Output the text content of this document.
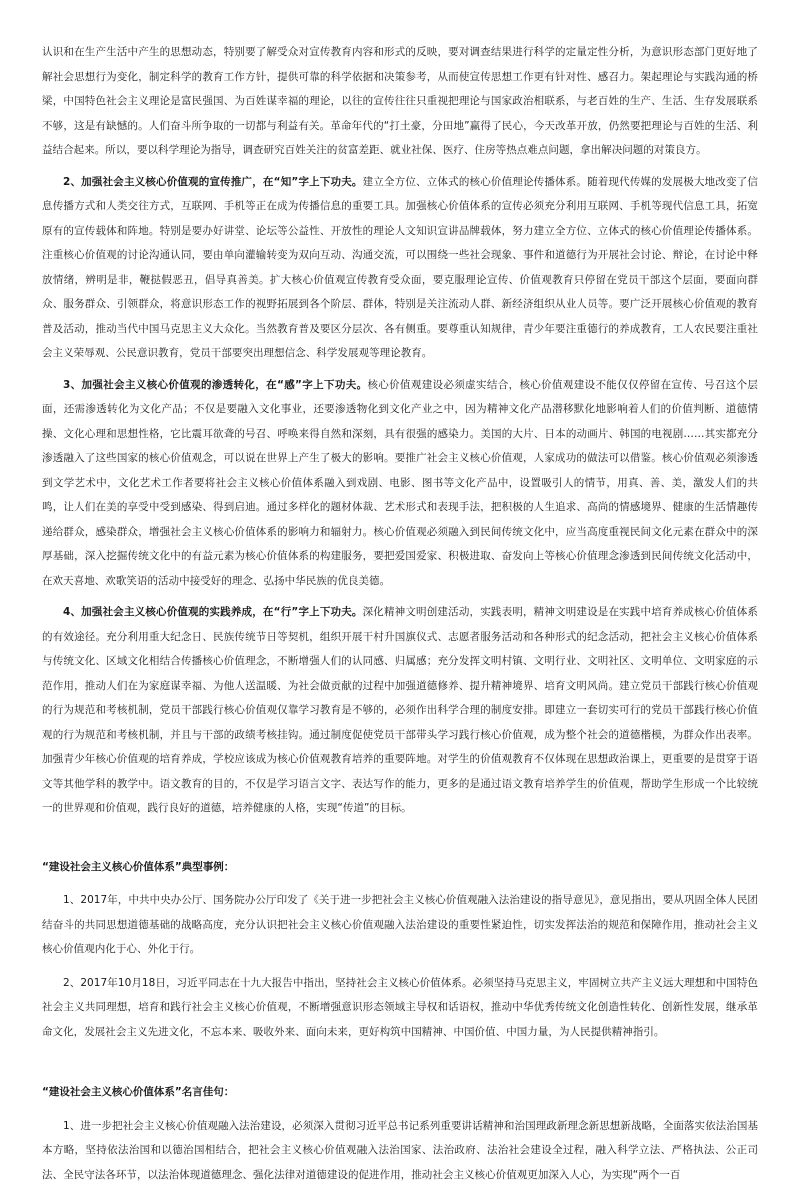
认识和在生产生活中产生的思想动态，特别要了解受众对宣传教育内容和形式的反映，要对调查结果进行科学的定量定性分析，为意识形态部门更好地了解社会思想行为变化，制定科学的教育工作方针，提供可靠的科学依据和决策参考，从而使宣传思想工作更有针对性、感召力。架起理论与实践沟通的桥梁，中国特色社会主义理论是富民强国、为百姓谋幸福的理论，以往的宣传往往只重视把理论与国家政治相联系，与老百姓的生产、生活、生存发展联系不够，这是有缺憾的。人们奋斗所争取的一切都与利益有关。革命年代的“打土豪，分田地”赢得了民心，今天改革开放，仍然要把理论与百姓的生活、利益结合起来。所以，要以科学理论为指导，调查研究百姓关注的贫富差距、就业社保、医疗、住房等热点难点问题，拿出解决问题的对策良方。

2、加强社会主义核心价值观的宣传推广，在“知”字上下功夫。建立全方位、立体式的核心价值理论传播体系。随着现代传媒的发展极大地改变了信息传播方式和人类交往方式，互联网、手机等正在成为传播信息的重要工具。加强核心价值体系的宣传必须充分利用互联网、手机等现代信息工具，拓宽原有的宣传载体和阵地。特别是要办好讲堂、论坛等公益性、开放性的理论人文知识宣讲品牌载体，努力建立全方位、立体式的核心价值理论传播体系。注重核心价值观的讨论沟通认同，要由单向灌输转变为双向互动、沟通交流，可以围绕一些社会现象、事件和道德行为开展社会讨论、辩论，在讨论中释放情绪，辨明是非，鞭挞假恶丑，倡导真善美。扩大核心价值观宣传教育受众面，要克服理论宣传、价值观教育只停留在党员干部这个层面，要面向群众、服务群众、引领群众，将意识形态工作的视野拓展到各个阶层、群体，特别是关注流动人群、新经济组织从业人员等。要广泛开展核心价值观的教育普及活动，推动当代中国马克思主义大众化。当然教育普及要区分层次、各有侧重。要尊重认知规律，青少年要注重德行的养成教育，工人农民要注重社会主义荣辱观、公民意识教育，党员干部要突出理想信念、科学发展观等理论教育。

3、加强社会主义核心价值观的渗透转化，在“感”字上下功夫。核心价值观建设必须虚实结合，核心价值观建设不能仅仅停留在宣传、号召这个层面，还需渗透转化为文化产品；不仅是要融入文化事业，还要渗透物化到文化产业之中，因为精神文化产品潜移默化地影响着人们的价值判断、道德情操、文化心理和思想性格，它比震耳欲聋的号召、呼唤来得自然和深刻，具有很强的感染力。美国的大片、日本的动画片、韩国的电视剧……其实都充分渗透融入了这些国家的核心价值观念，可以说在世界上产生了极大的影响。要推广社会主义核心价值观，人家成功的做法可以借鉴。核心价值观必须渗透到文学艺术中，文化艺术工作者要将社会主义核心价值体系融入到戏剧、电影、图书等文化产品中，设置吸引人的情节，用真、善、美，激发人们的共鸣，让人们在美的享受中受到感染、得到启迪。通过多样化的题材体裁、艺术形式和表现手法，把积极的人生追求、高尚的情感境界、健康的生活情趣传递给群众，感染群众，增强社会主义核心价值体系的影响力和辐射力。核心价值观必须融入到民间传统文化中，应当高度重视民间文化元素在群众中的深厚基础，深入挖掘传统文化中的有益元素为核心价值体系的构建服务，要把爱国爱家、积极进取、奋发向上等核心价值理念渗透到民间传统文化活动中，在欢天喜地、欢歌笑语的活动中接受好的理念、弘扬中华民族的优良美德。

4、加强社会主义核心价值观的实践养成，在“行”字上下功夫。深化精神文明创建活动，实践表明，精神文明建设是在实践中培育养成核心价值体系的有效途径。充分利用重大纪念日、民族传统节日等契机，组织开展干村升国旗仪式、志愿者服务活动和各种形式的纪念活动，把社会主义核心价值体系与传统文化、区域文化相结合传播核心价值理念，不断增强人们的认同感、归属感；充分发挥文明村镇、文明行业、文明社区、文明单位、文明家庭的示范作用，推动人们在为家庭谋幸福、为他人送温暖、为社会做贡献的过程中加强道德修养、提升精神境界、培育文明风尚。建立党员干部践行核心价值观的行为规范和考核机制，党员干部践行核心价值观仅靠学习教育是不够的，必须作出科学合理的制度安排。即建立一套切实可行的党员干部践行核心价值观的行为规范和考核机制，并且与干部的政绩考核挂钩。通过制度促使党员干部带头学习践行核心价值观，成为整个社会的道德楷模，为群众作出表率。加强青少年核心价值观的培育养成，学校应该成为核心价值观教育培养的重要阵地。对学生的价值观教育不仅体现在思想政治课上，更重要的是贯穿于语文等其他学科的教学中。语文教育的目的，不仅是学习语言文字、表达写作的能力，更多的是通过语文教育培养学生的价值观，帮助学生形成一个比较统一的世界观和价值观，践行良好的道德，培养健康的人格，实现“传道”的目标。

“建设社会主义核心价值体系”典型事例：

1、2017年，中共中央办公厅、国务院办公厅印发了《关于进一步把社会主义核心价值观融入法治建设的指导意见》，意见指出，要从巩固全体人民团结奋斗的共同思想道德基础的战略高度，充分认识把社会主义核心价值观融入法治建设的重要性紧迫性，切实发挥法治的规范和保障作用，推动社会主义核心价值观内化于心、外化于行。

2、2017年10月18日，习近平同志在十九大报告中指出，坚持社会主义核心价值体系。必须坚持马克思主义，牢固树立共产主义远大理想和中国特色社会主义共同理想，培育和践行社会主义核心价值观，不断增强意识形态领域主导权和话语权，推动中华优秀传统文化创造性转化、创新性发展，继承革命文化，发展社会主义先进文化，不忘本来、吸收外来、面向未来，更好构筑中国精神、中国价值、中国力量，为人民提供精神指引。

“建设社会主义核心价值体系”名言佳句：

1、进一步把社会主义核心价值观融入法治建设，必须深入贯彻习近平总书记系列重要讲话精神和治国理政新理念新思想新战略，全面落实依法治国基本方略，坚持依法治国和以德治国相结合，把社会主义核心价值观融入法治国家、法治政府、法治社会建设全过程，融入科学立法、严格执法、公正司法、全民守法各环节，以法治体现道德理念、强化法律对道德建设的促进作用，推动社会主义核心价值观更加深入人心，为实现“两个一百
